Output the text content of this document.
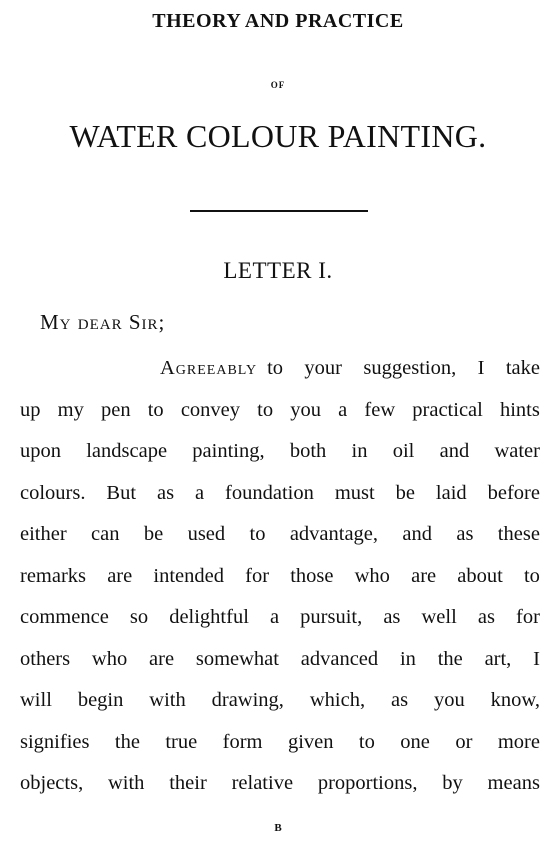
THEORY AND PRACTICE
OF
WATER COLOUR PAINTING.
LETTER I.
My dear Sir;
Agreeably to your suggestion, I take
up my pen to convey to you a few practical hints
upon landscape painting, both in oil and water
colours. But as a foundation must be laid before
either can be used to advantage, and as these
remarks are intended for those who are about to
commence so delightful a pursuit, as well as for
others who are somewhat advanced in the art, I
will begin with drawing, which, as you know,
signifies the true form given to one or more
objects, with their relative proportions, by means
B
